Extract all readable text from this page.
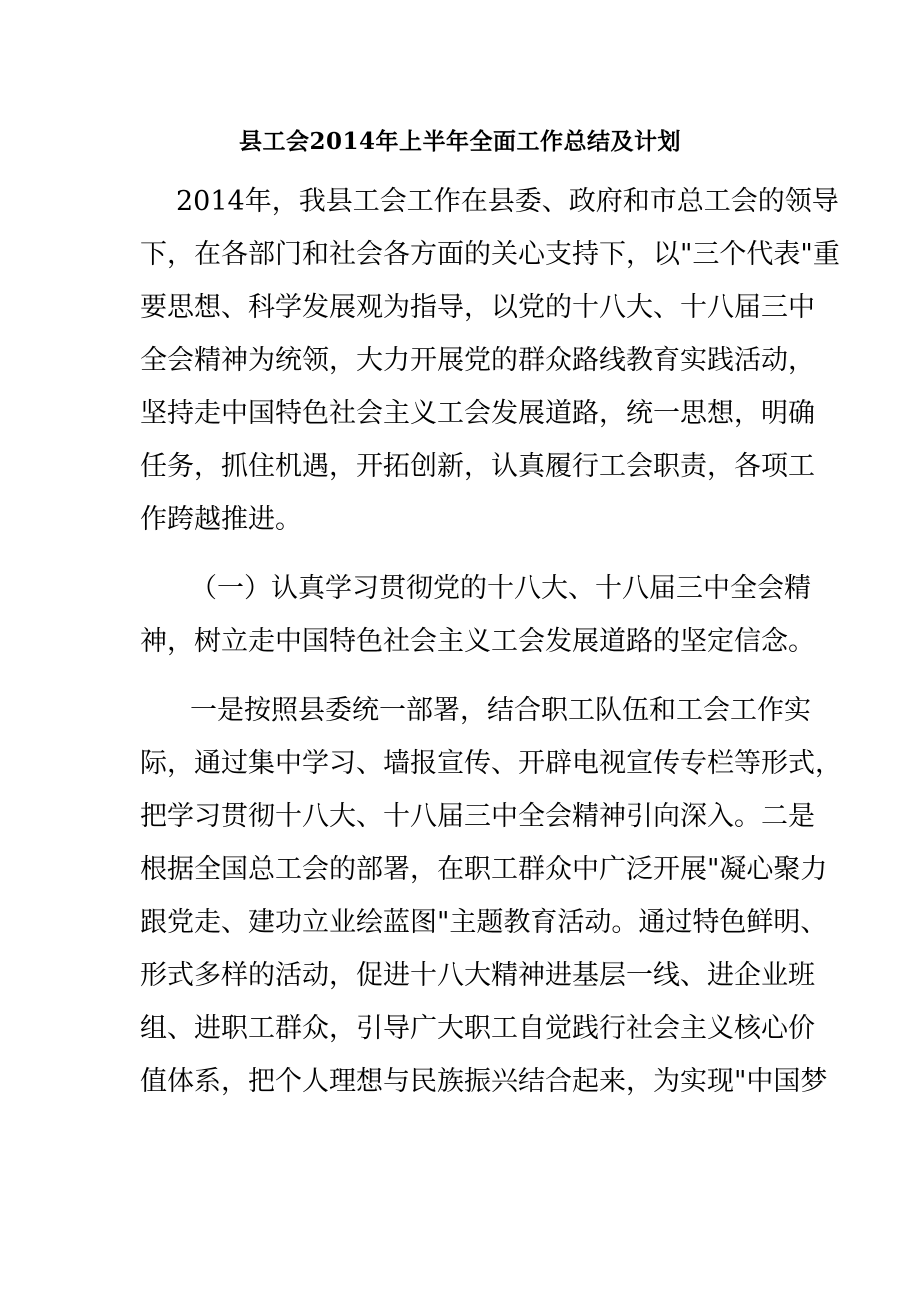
县工会2014年上半年全面工作总结及计划

2014年，我县工会工作在县委、政府和市总工会的领导

下，在各部门和社会各方面的关心支持下，以"三个代表"重

要思想、科学发展观为指导，以党的十八大、十八届三中

全会精神为统领，大力开展党的群众路线教育实践活动，

坚持走中国特色社会主义工会发展道路，统一思想，明确

任务，抓住机遇，开拓创新，认真履行工会职责，各项工

作跨越推进。

（一）认真学习贯彻党的十八大、十八届三中全会精

神，树立走中国特色社会主义工会发展道路的坚定信念。

一是按照县委统一部署，结合职工队伍和工会工作实

际，通过集中学习、墙报宣传、开辟电视宣传专栏等形式，

把学习贯彻十八大、十八届三中全会精神引向深入。二是

根据全国总工会的部署，在职工群众中广泛开展"凝心聚力

跟党走、建功立业绘蓝图"主题教育活动。通过特色鲜明、

形式多样的活动，促进十八大精神进基层一线、进企业班

组、进职工群众，引导广大职工自觉践行社会主义核心价

值体系，把个人理想与民族振兴结合起来，为实现"中国梦
